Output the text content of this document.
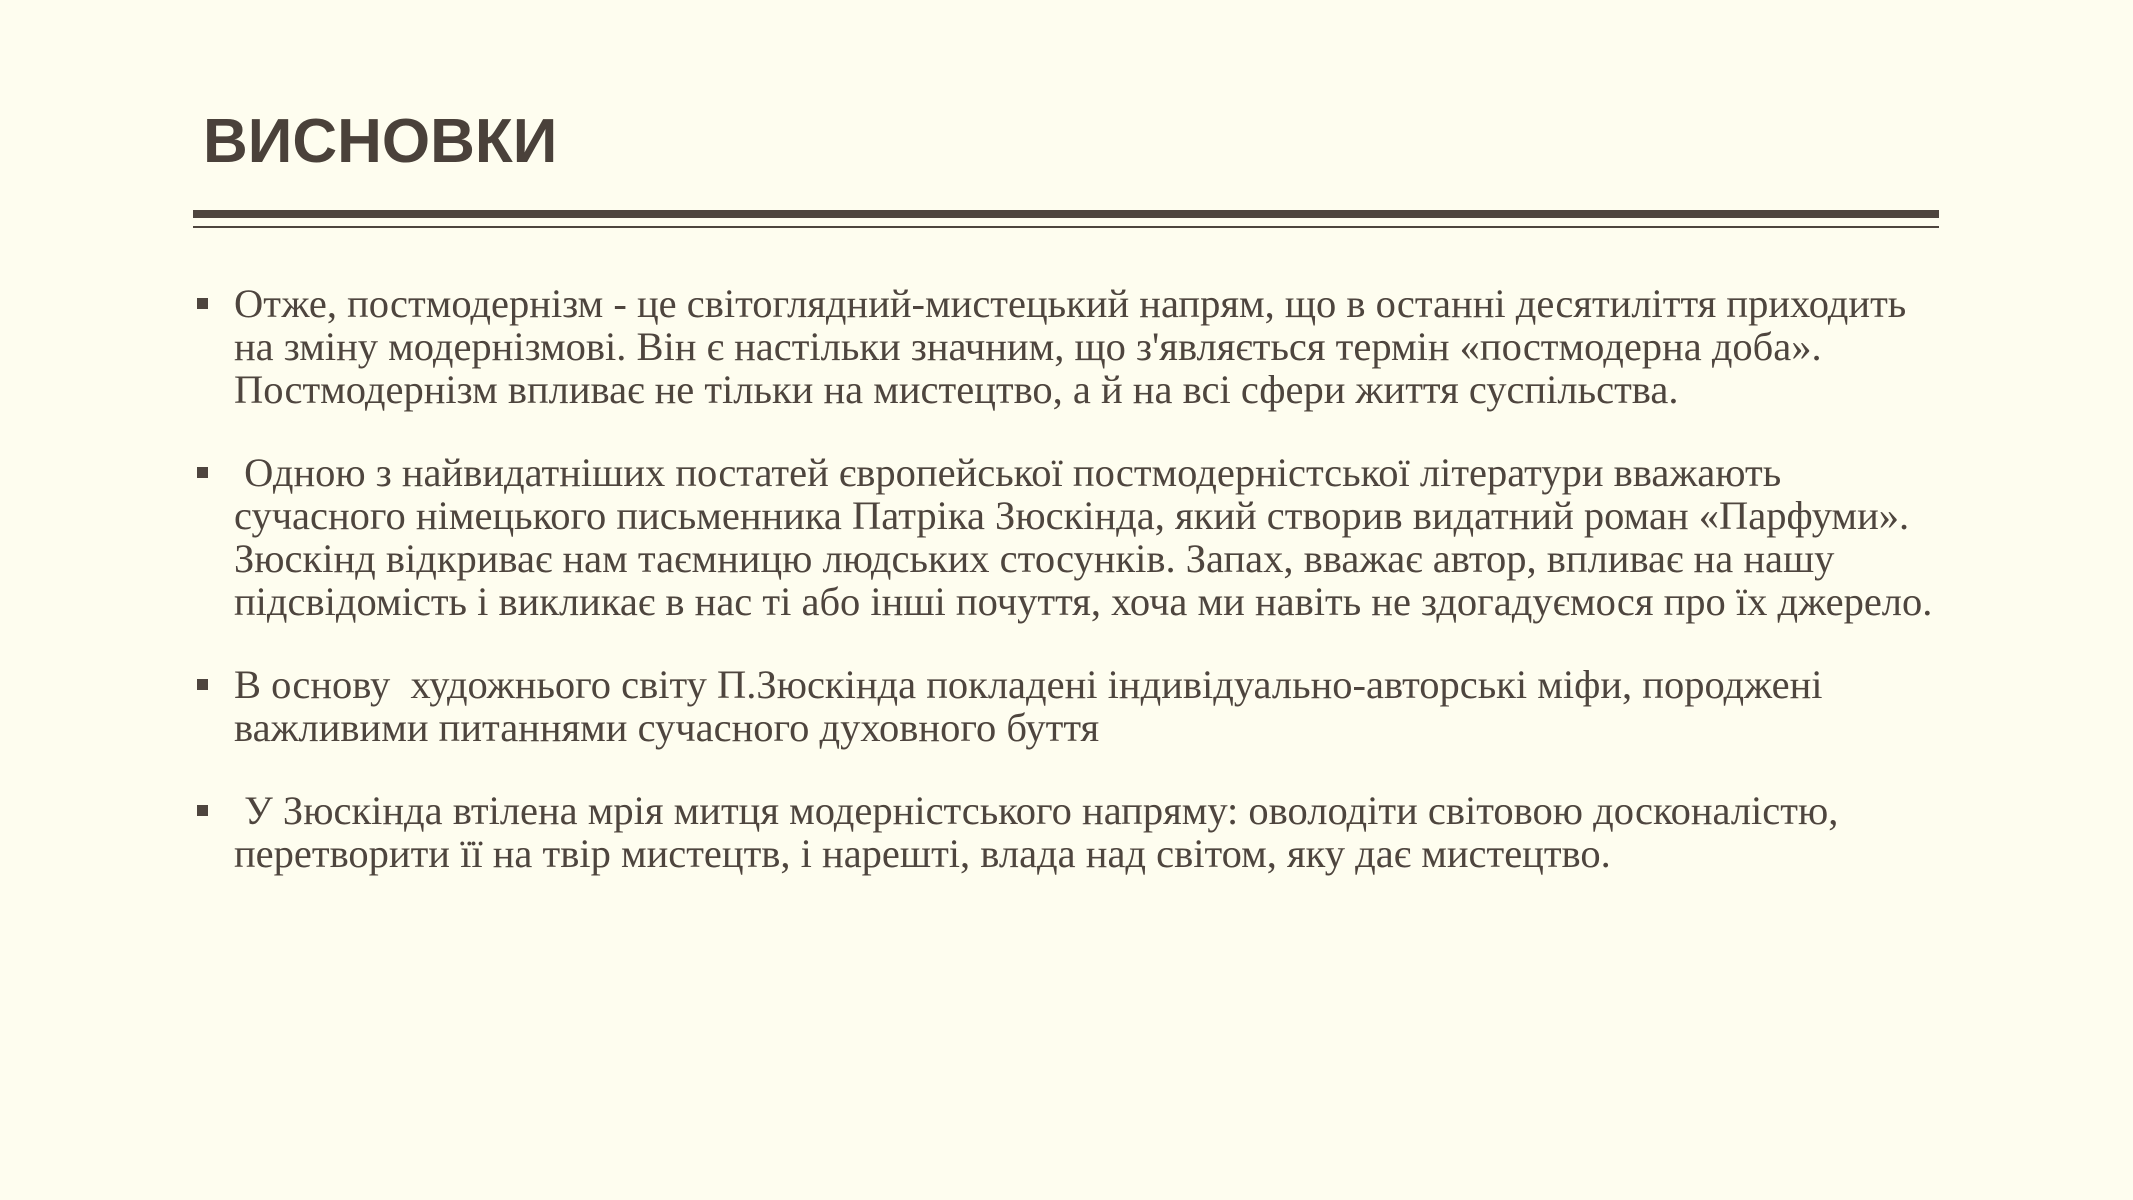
ВИСНОВКИ
Отже, постмодернізм - це світоглядний-мистецький напрям, що в останні десятиліття приходить на зміну модернізмові. Він є настільки значним, що з'являється термін «постмодерна доба». Постмодернізм впливає не тільки на мистецтво, а й на всі сфери життя суспільства.
Одною з найвидатніших постатей європейської постмодерністської літератури вважають сучасного німецького письменника Патріка Зюскінда, який створив видатний роман «Парфуми». Зюскінд відкриває нам таємницю людських стосунків. Запах, вважає автор, впливає на нашу підсвідомість і викликає в нас ті або інші почуття, хоча ми навіть не здогадуємося про їх джерело.
В основу  художнього світу П.Зюскінда покладені індивідуально-авторські міфи, породжені важливими питаннями сучасного духовного буття
У Зюскінда втілена мрія митця модерністського напряму: оволодіти світовою досконалістю, перетворити її на твір мистецтв, і нарешті, влада над світом, яку дає мистецтво.
